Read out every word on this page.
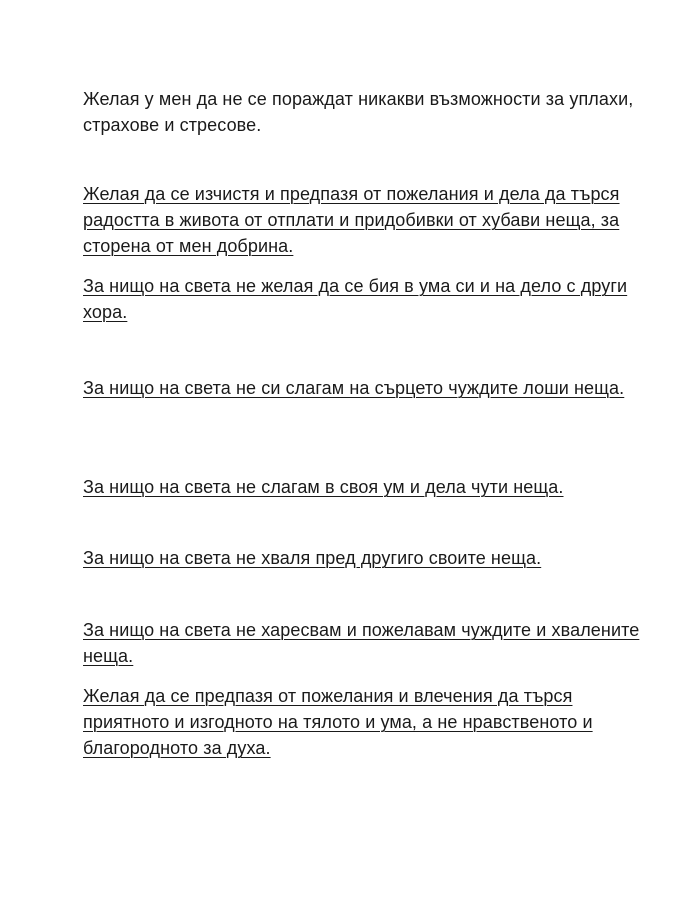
Желая у мен да не се пораждат никакви възможности за уплахи, страхове и стресове.

Желая да се изчистя и предпазя от пожелания и дела да търся радостта в живота от отплати и придобивки от хубави неща, за сторена от мен добрина.

За нищо на света не желая да се бия в ума си и на дело с други хора.

За нищо на света не си слагам на сърцето чуждите лоши неща.

За нищо на света не слагам в своя ум и дела чути неща.

За нищо на света не хваля пред другиго своите неща.

За нищо на света не харесвам и пожелавам чуждите и хвалените неща.

Желая да се предпазя от пожелания и влечения да търся приятното и изгодното на тялото и ума, а не нравственото и благородното за духа.
